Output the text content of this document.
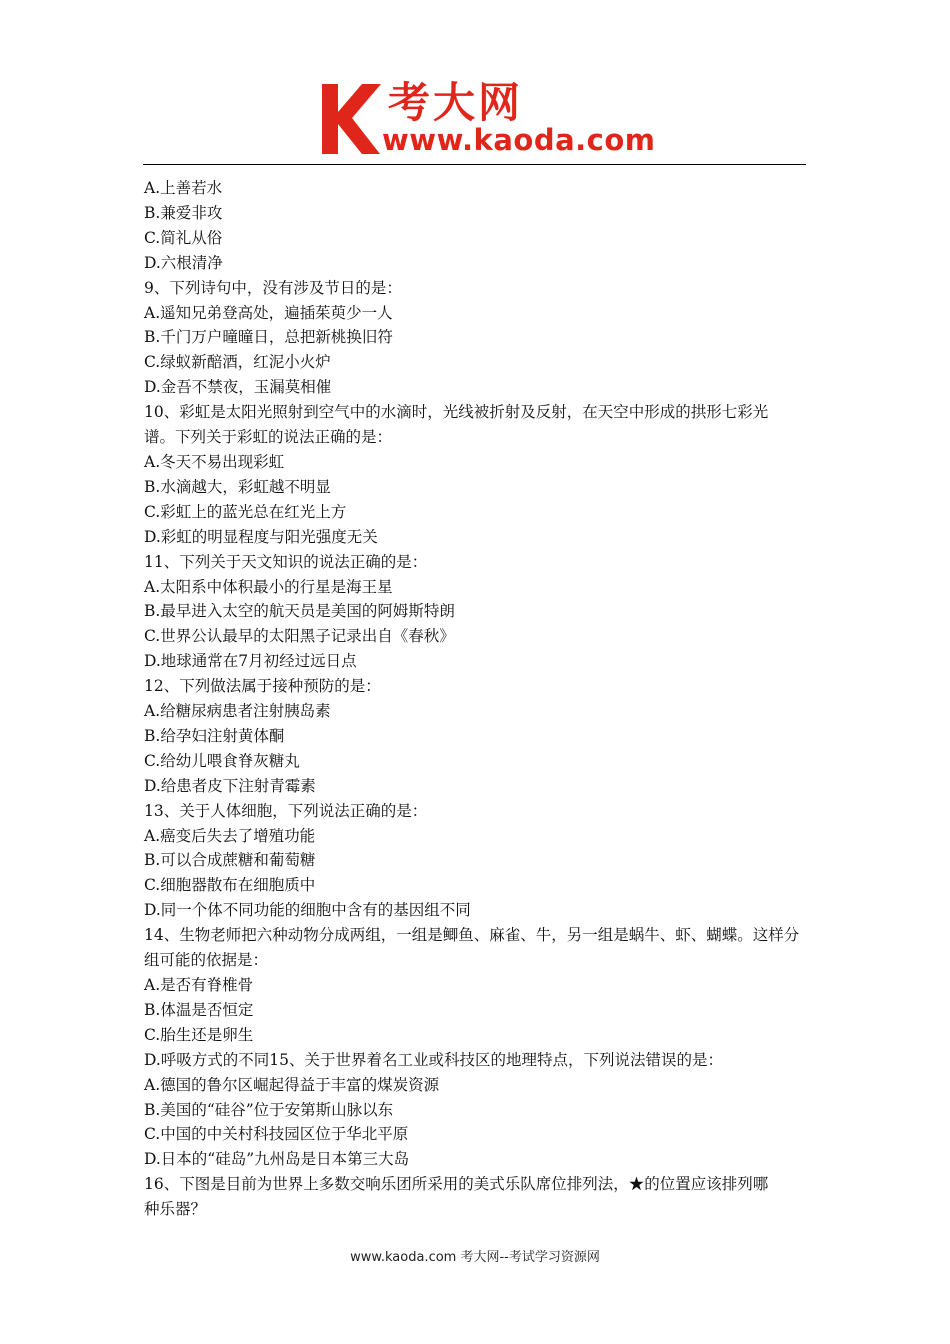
考大网
www.kaoda.com

A.上善若水

B.兼爱非攻

C.简礼从俗

D.六根清净

9、下列诗句中，没有涉及节日的是：

A.遥知兄弟登高处，遍插茱萸少一人

B.千门万户曈曈日，总把新桃换旧符

C.绿蚁新醅酒，红泥小火炉

D.金吾不禁夜，玉漏莫相催

10、彩虹是太阳光照射到空气中的水滴时，光线被折射及反射，在天空中形成的拱形七彩光

谱。下列关于彩虹的说法正确的是：

A.冬天不易出现彩虹

B.水滴越大，彩虹越不明显

C.彩虹上的蓝光总在红光上方

D.彩虹的明显程度与阳光强度无关

11、下列关于天文知识的说法正确的是：

A.太阳系中体积最小的行星是海王星

B.最早进入太空的航天员是美国的阿姆斯特朗

C.世界公认最早的太阳黑子记录出自《春秋》

D.地球通常在7月初经过远日点

12、下列做法属于接种预防的是：

A.给糖尿病患者注射胰岛素

B.给孕妇注射黄体酮

C.给幼儿喂食脊灰糖丸

D.给患者皮下注射青霉素

13、关于人体细胞，下列说法正确的是：

A.癌变后失去了增殖功能

B.可以合成蔗糖和葡萄糖

C.细胞器散布在细胞质中

D.同一个体不同功能的细胞中含有的基因组不同

14、生物老师把六种动物分成两组，一组是鲫鱼、麻雀、牛，另一组是蜗牛、虾、蝴蝶。这样分

组可能的依据是：

A.是否有脊椎骨

B.体温是否恒定

C.胎生还是卵生

D.呼吸方式的不同15、关于世界着名工业或科技区的地理特点，下列说法错误的是：

A.德国的鲁尔区崛起得益于丰富的煤炭资源

B.美国的“硅谷”位于安第斯山脉以东

C.中国的中关村科技园区位于华北平原

D.日本的“硅岛”九州岛是日本第三大岛

16、下图是目前为世界上多数交响乐团所采用的美式乐队席位排列法，★的位置应该排列哪

种乐器？

www.kaoda.com 考大网--考试学习资源网
